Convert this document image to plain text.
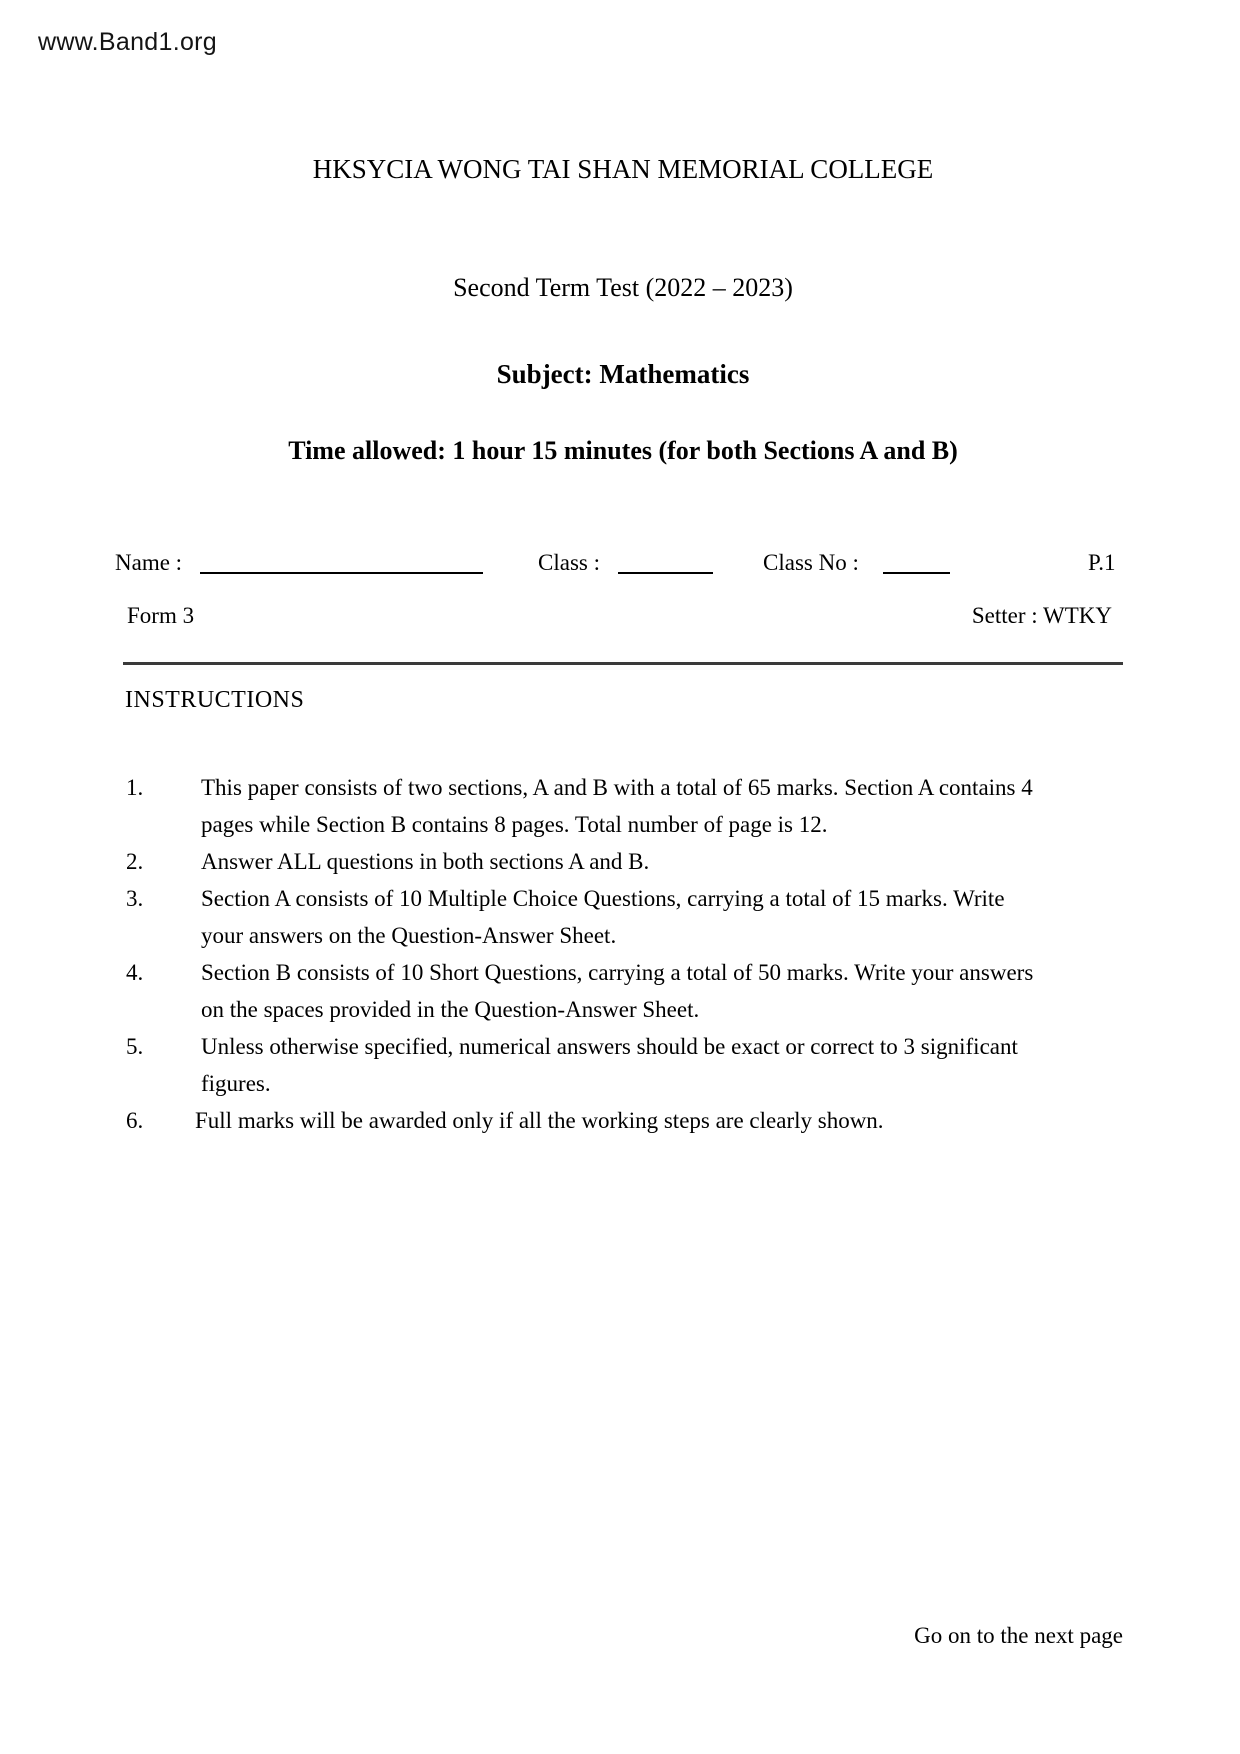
www.Band1.org
HKSYCIA WONG TAI SHAN MEMORIAL COLLEGE
Second Term Test (2022 – 2023)
Subject: Mathematics
Time allowed: 1 hour 15 minutes (for both Sections A and B)
Name :	Class :	Class No :	P.1
Form 3	Setter : WTKY
INSTRUCTIONS
1.	This paper consists of two sections, A and B with a total of 65 marks. Section A contains 4
pages while Section B contains 8 pages. Total number of page is 12.
2.	Answer ALL questions in both sections A and B.
3.	Section A consists of 10 Multiple Choice Questions, carrying a total of 15 marks. Write
your answers on the Question-Answer Sheet.
4.	Section B consists of 10 Short Questions, carrying a total of 50 marks. Write your answers
on the spaces provided in the Question-Answer Sheet.
5.	Unless otherwise specified, numerical answers should be exact or correct to 3 significant
figures.
6.	Full marks will be awarded only if all the working steps are clearly shown.
Go on to the next page
